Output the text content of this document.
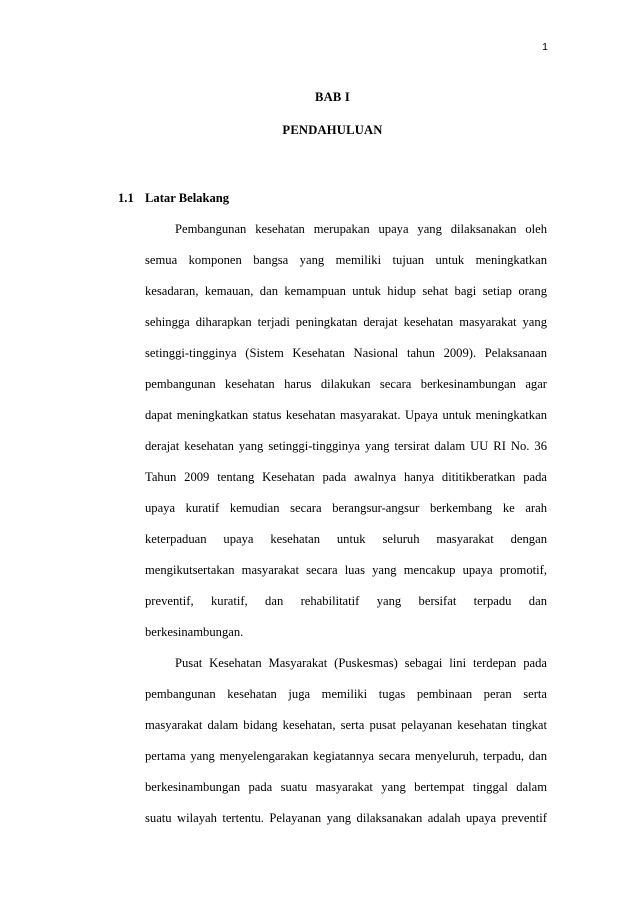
1
BAB I
PENDAHULUAN
1.1 Latar Belakang
Pembangunan kesehatan merupakan upaya yang dilaksanakan oleh
semua komponen bangsa yang memiliki tujuan untuk meningkatkan
kesadaran, kemauan, dan kemampuan untuk hidup sehat bagi setiap orang
sehingga diharapkan terjadi peningkatan derajat kesehatan masyarakat yang
setinggi-tingginya (Sistem Kesehatan Nasional tahun 2009). Pelaksanaan
pembangunan kesehatan harus dilakukan secara berkesinambungan agar
dapat meningkatkan status kesehatan masyarakat. Upaya untuk meningkatkan
derajat kesehatan yang setinggi-tingginya yang tersirat dalam UU RI No. 36
Tahun 2009 tentang Kesehatan pada awalnya hanya dititikberatkan pada
upaya kuratif kemudian secara berangsur-angsur berkembang ke arah
keterpaduan upaya kesehatan untuk seluruh masyarakat dengan
mengikutsertakan masyarakat secara luas yang mencakup upaya promotif,
preventif, kuratif, dan rehabilitatif yang bersifat terpadu dan
berkesinambungan.
Pusat Kesehatan Masyarakat (Puskesmas) sebagai lini terdepan pada
pembangunan kesehatan juga memiliki tugas pembinaan peran serta
masyarakat dalam bidang kesehatan, serta pusat pelayanan kesehatan tingkat
pertama yang menyelengarakan kegiatannya secara menyeluruh, terpadu, dan
berkesinambungan pada suatu masyarakat yang bertempat tinggal dalam
suatu wilayah tertentu. Pelayanan yang dilaksanakan adalah upaya preventif
